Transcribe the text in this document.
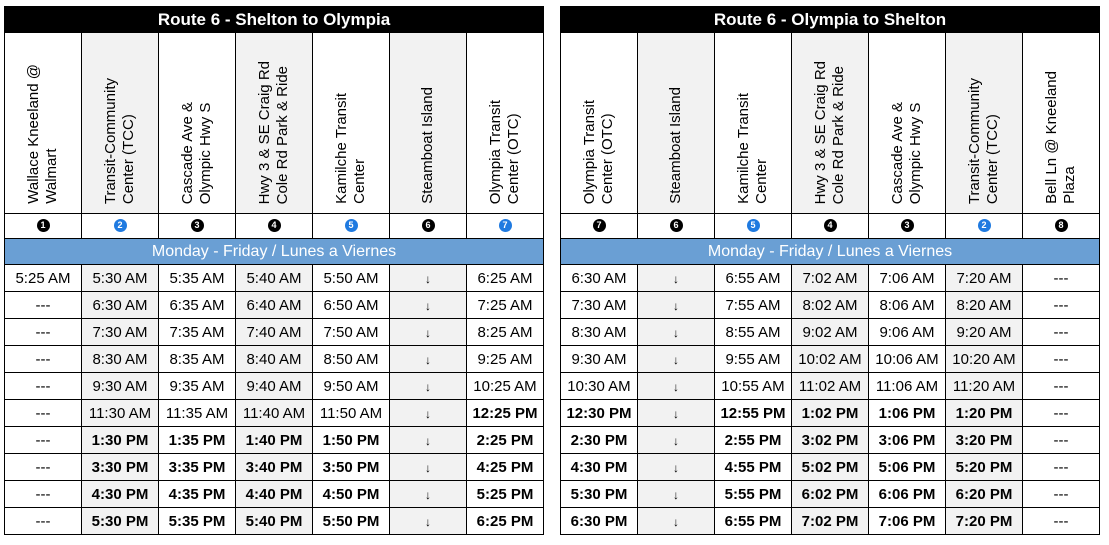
Route 6 - Shelton to Olympia						
Wallace Kneeland @
Walmart	Transit-Community
Center (TCC)	Cascade Ave &
Olympic Hwy S	Hwy 3 & SE Craig Rd
Cole Rd Park & Ride	Kamilche Transit
Center	Steamboat Island	Olympia Transit
Center (OTC)
1	2	3	4	5	6	7
Monday - Friday / Lunes a Viernes						
5:25 AM	5:30 AM	5:35 AM	5:40 AM	5:50 AM	↓	6:25 AM
---	6:30 AM	6:35 AM	6:40 AM	6:50 AM	↓	7:25 AM
---	7:30 AM	7:35 AM	7:40 AM	7:50 AM	↓	8:25 AM
---	8:30 AM	8:35 AM	8:40 AM	8:50 AM	↓	9:25 AM
---	9:30 AM	9:35 AM	9:40 AM	9:50 AM	↓	10:25 AM
---	11:30 AM	11:35 AM	11:40 AM	11:50 AM	↓	12:25 PM
---	1:30 PM	1:35 PM	1:40 PM	1:50 PM	↓	2:25 PM
---	3:30 PM	3:35 PM	3:40 PM	3:50 PM	↓	4:25 PM
---	4:30 PM	4:35 PM	4:40 PM	4:50 PM	↓	5:25 PM
---	5:30 PM	5:35 PM	5:40 PM	5:50 PM	↓	6:25 PM
Route 6 - Olympia to Shelton						
Olympia Transit
Center (OTC)	Steamboat Island	Kamilche Transit
Center	Hwy 3 & SE Craig Rd
Cole Rd Park & Ride	Cascade Ave &
Olympic Hwy S	Transit-Community
Center (TCC)	Bell Ln @ Kneeland
Plaza
7	6	5	4	3	2	8
Monday - Friday / Lunes a Viernes						
6:30 AM	↓	6:55 AM	7:02 AM	7:06 AM	7:20 AM	---
7:30 AM	↓	7:55 AM	8:02 AM	8:06 AM	8:20 AM	---
8:30 AM	↓	8:55 AM	9:02 AM	9:06 AM	9:20 AM	---
9:30 AM	↓	9:55 AM	10:02 AM	10:06 AM	10:20 AM	---
10:30 AM	↓	10:55 AM	11:02 AM	11:06 AM	11:20 AM	---
12:30 PM	↓	12:55 PM	1:02 PM	1:06 PM	1:20 PM	---
2:30 PM	↓	2:55 PM	3:02 PM	3:06 PM	3:20 PM	---
4:30 PM	↓	4:55 PM	5:02 PM	5:06 PM	5:20 PM	---
5:30 PM	↓	5:55 PM	6:02 PM	6:06 PM	6:20 PM	---
6:30 PM	↓	6:55 PM	7:02 PM	7:06 PM	7:20 PM	---
